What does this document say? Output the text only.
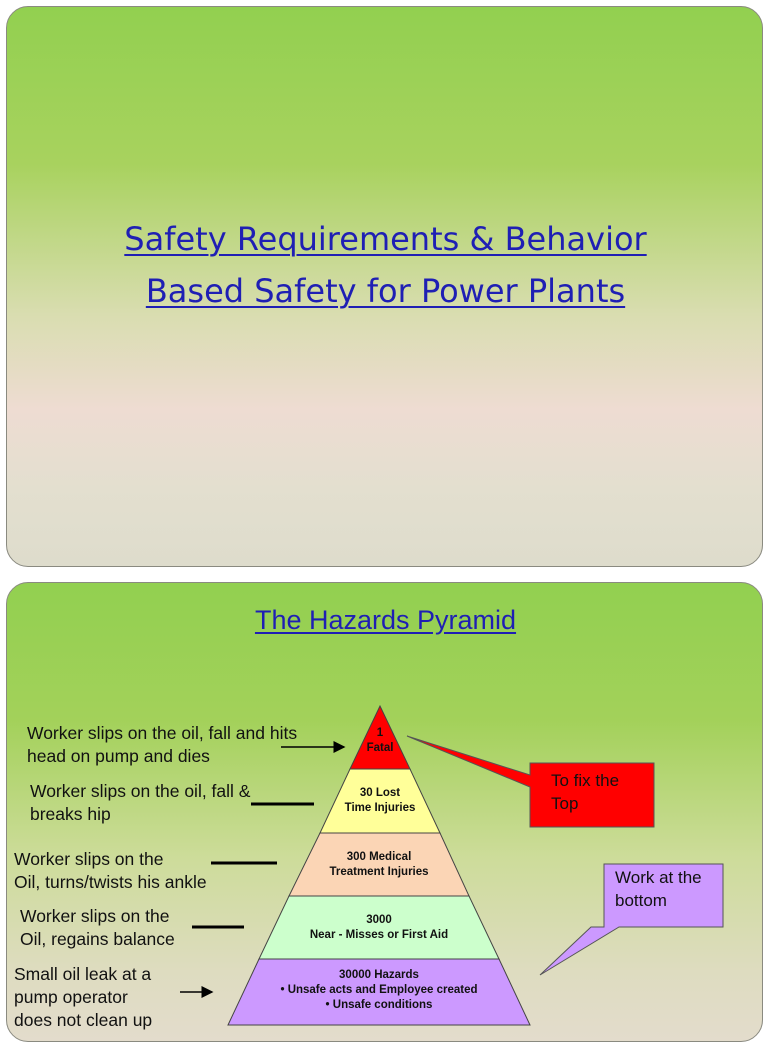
Safety Requirements & Behavior
Based Safety for Power Plants
The Hazards Pyramid
1
Fatal
30 Lost
Time Injuries
300 Medical
Treatment Injuries
3000
Near - Misses or First Aid
30000 Hazards
• Unsafe acts and Employee created
• Unsafe conditions
Worker slips on the oil, fall and hits
head on pump and dies
Worker slips on the oil, fall &
breaks hip
Worker slips on the
Oil, turns/twists his ankle
Worker slips on the
Oil, regains balance
Small oil leak at a
pump operator
does not clean up
To fix the
Top
Work at the
bottom
